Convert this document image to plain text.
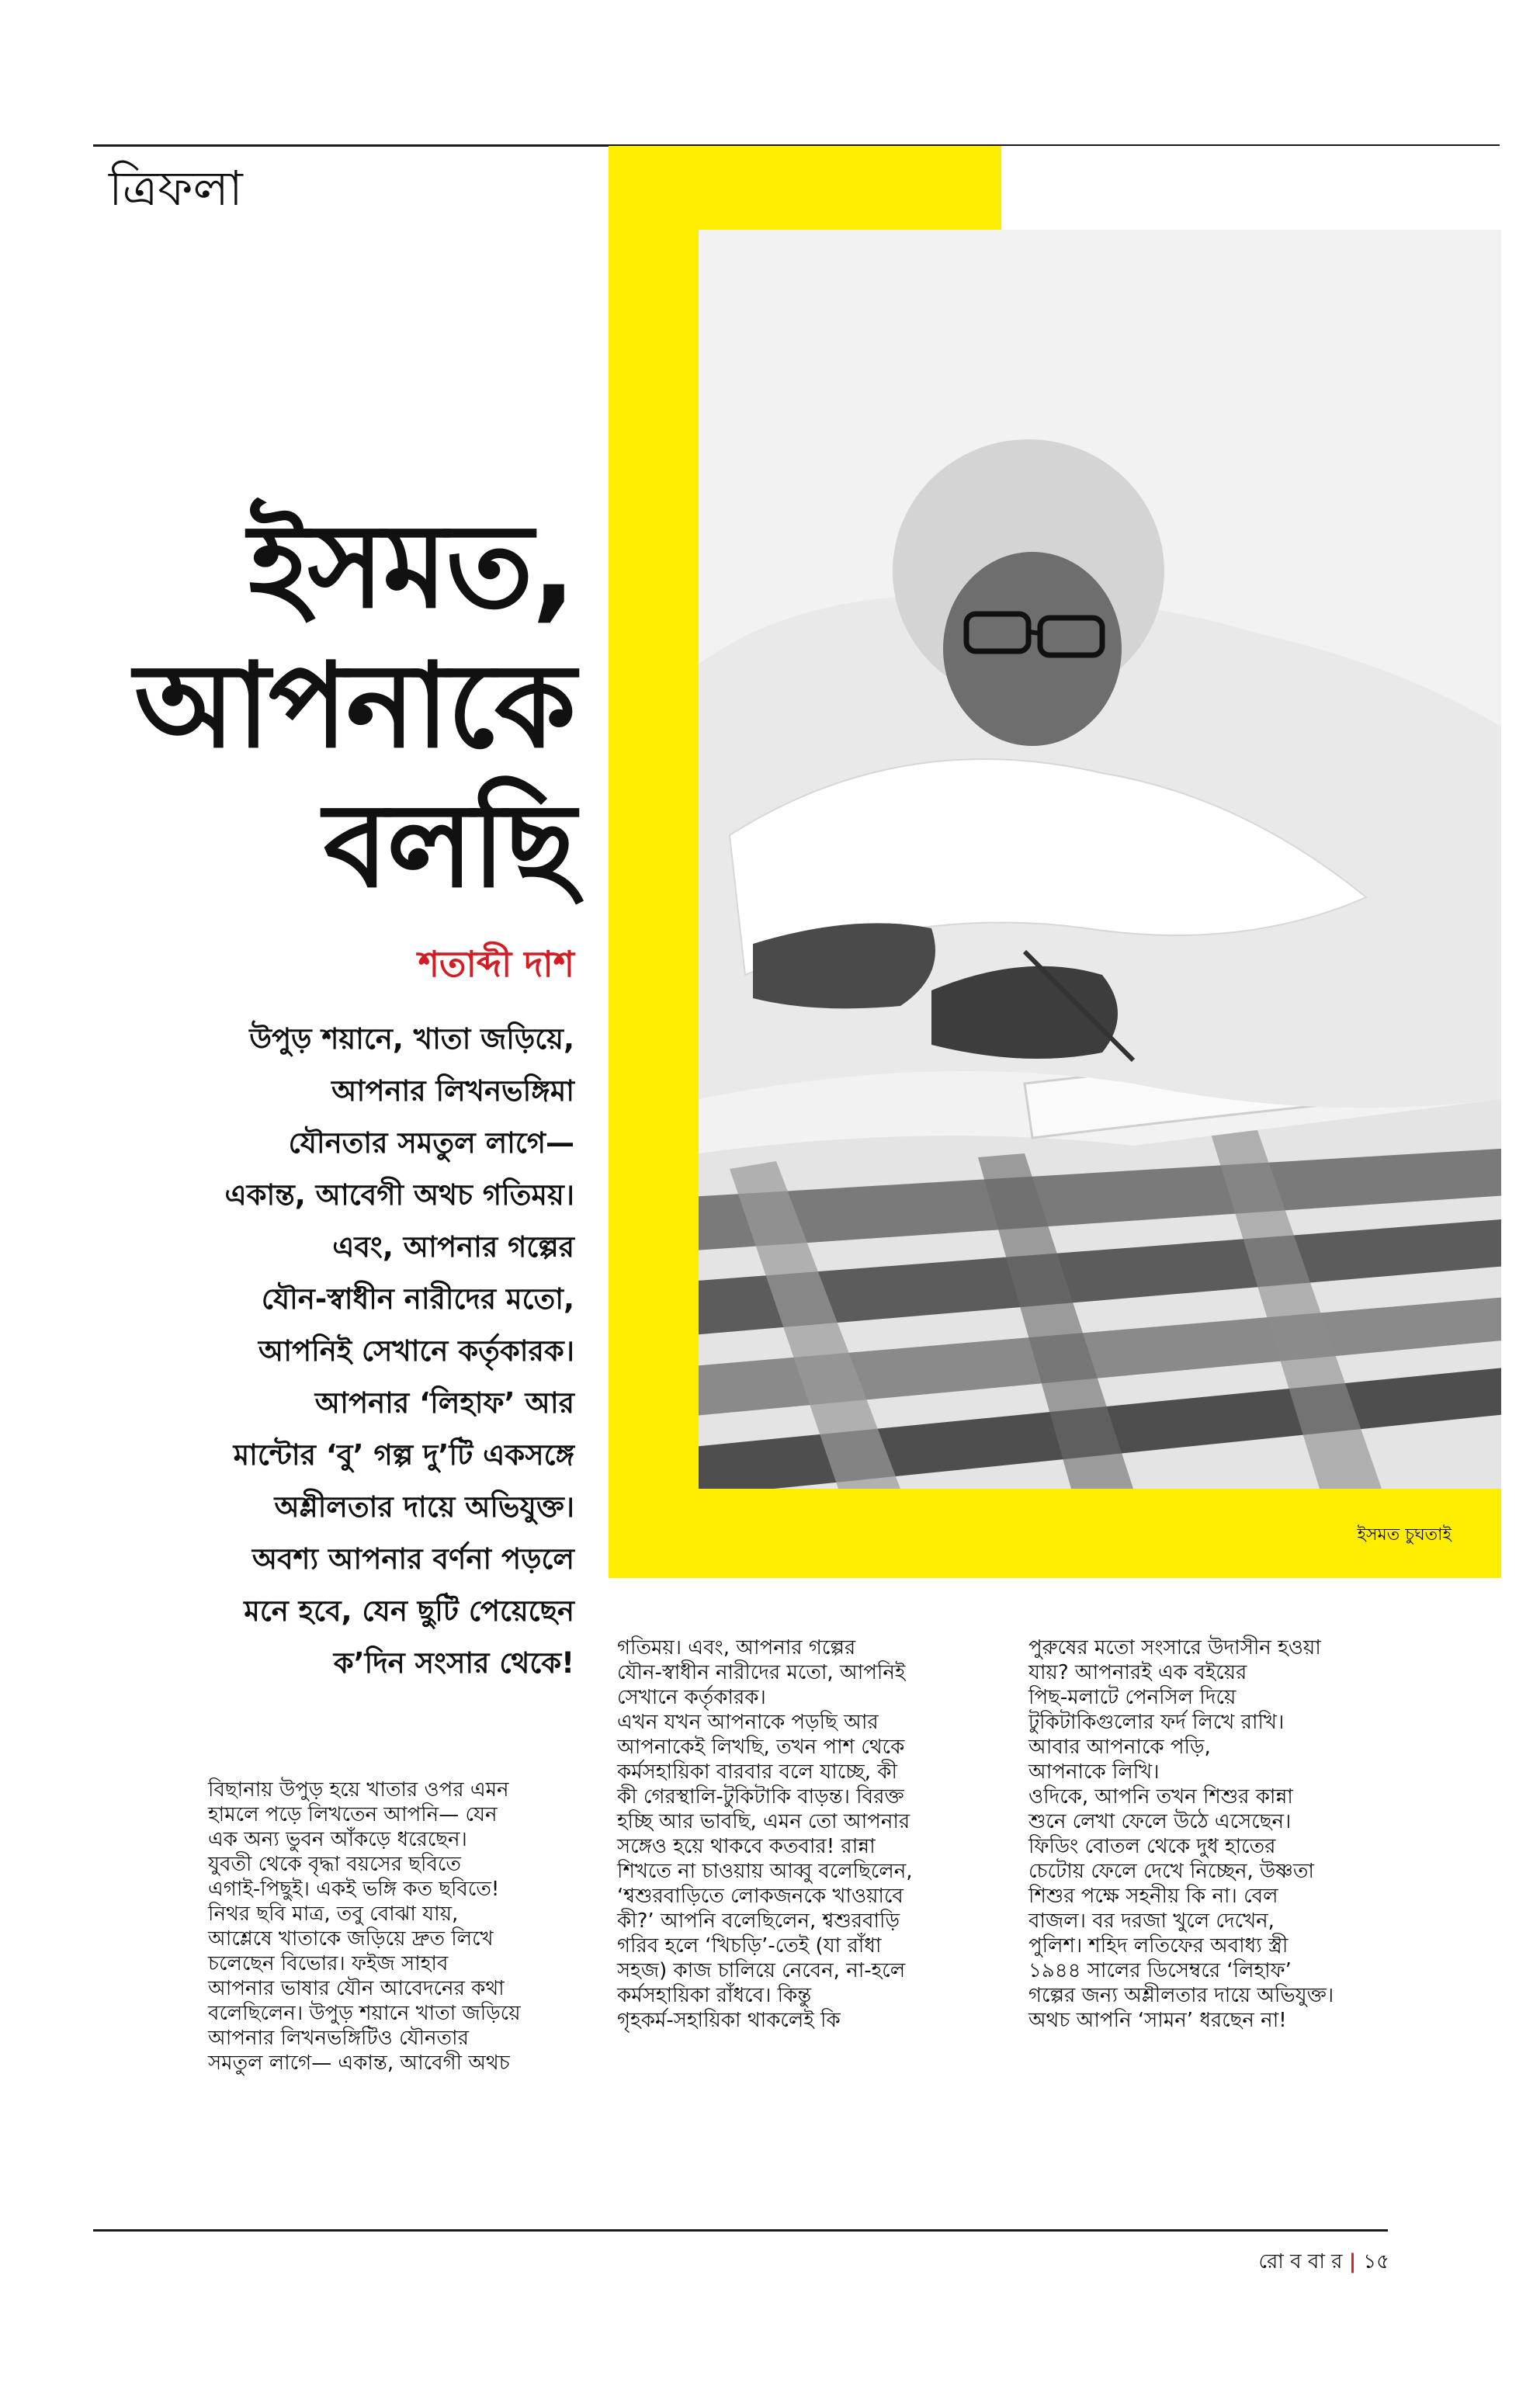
ত্রিফলা
ইসমত চুঘতাই
ইসমত,
আপনাকে
বলছি
শতাব্দী দাশ
উপুড় শয়ানে, খাতা জড়িয়ে,
আপনার লিখনভঙ্গিমা
যৌনতার সমতুল লাগে—
একান্ত, আবেগী অথচ গতিময়।
এবং, আপনার গল্পের
যৌন-স্বাধীন নারীদের মতো,
আপনিই সেখানে কর্তৃকারক।
আপনার ‘লিহাফ’ আর
মান্টোর ‘বু’ গল্প দু’টি একসঙ্গে
অশ্লীলতার দায়ে অভিযুক্ত।
অবশ্য আপনার বর্ণনা পড়লে
মনে হবে, যেন ছুটি পেয়েছেন
ক’দিন সংসার থেকে!
বিছানায় উপুড় হয়ে খাতার ওপর এমন
হামলে পড়ে লিখতেন আপনি— যেন
এক অন্য ভুবন আঁকড়ে ধরেছেন।
যুবতী থেকে বৃদ্ধা বয়সের ছবিতে
এগাই-পিছুই। একই ভঙ্গি কত ছবিতে!
নিথর ছবি মাত্র, তবু বোঝা যায়,
আশ্লেষে খাতাকে জড়িয়ে দ্রুত লিখে
চলেছেন বিভোর। ফইজ সাহাব
আপনার ভাষার যৌন আবেদনের কথা
বলেছিলেন। উপুড় শয়ানে খাতা জড়িয়ে
আপনার লিখনভঙ্গিটিও যৌনতার
সমতুল লাগে— একান্ত, আবেগী অথচ
গতিময়। এবং, আপনার গল্পের
যৌন-স্বাধীন নারীদের মতো, আপনিই
সেখানে কর্তৃকারক।
এখন যখন আপনাকে পড়ছি আর
আপনাকেই লিখছি, তখন পাশ থেকে
কর্মসহায়িকা বারবার বলে যাচ্ছে, কী
কী গেরস্থালি-টুকিটাকি বাড়ন্ত। বিরক্ত
হচ্ছি আর ভাবছি, এমন তো আপনার
সঙ্গেও হয়ে থাকবে কতবার! রান্না
শিখতে না চাওয়ায় আব্বু বলেছিলেন,
‘শ্বশুরবাড়িতে লোকজনকে খাওয়াবে
কী?’ আপনি বলেছিলেন, শ্বশুরবাড়ি
গরিব হলে ‘খিচড়ি’-তেই (যা রাঁধা
সহজ) কাজ চালিয়ে নেবেন, না-হলে
কর্মসহায়িকা রাঁধবে। কিন্তু
গৃহকর্ম-সহায়িকা থাকলেই কি
পুরুষের মতো সংসারে উদাসীন হওয়া
যায়? আপনারই এক বইয়ের
পিছ-মলাটে পেনসিল দিয়ে
টুকিটাকিগুলোর ফর্দ লিখে রাখি।
আবার আপনাকে পড়ি,
আপনাকে লিখি।
ওদিকে, আপনি তখন শিশুর কান্না
শুনে লেখা ফেলে উঠে এসেছেন।
ফিডিং বোতল থেকে দুধ হাতের
চেটোয় ফেলে দেখে নিচ্ছেন, উষ্ণতা
শিশুর পক্ষে সহনীয় কি না। বেল
বাজল। বর দরজা খুলে দেখেন,
পুলিশ। শহিদ লতিফের অবাধ্য স্ত্রী
১৯৪৪ সালের ডিসেম্বরে ‘লিহাফ’
গল্পের জন্য অশ্লীলতার দায়ে অভিযুক্ত।
অথচ আপনি ‘সামন’ ধরছেন না!
রো ব বা র | ১৫
